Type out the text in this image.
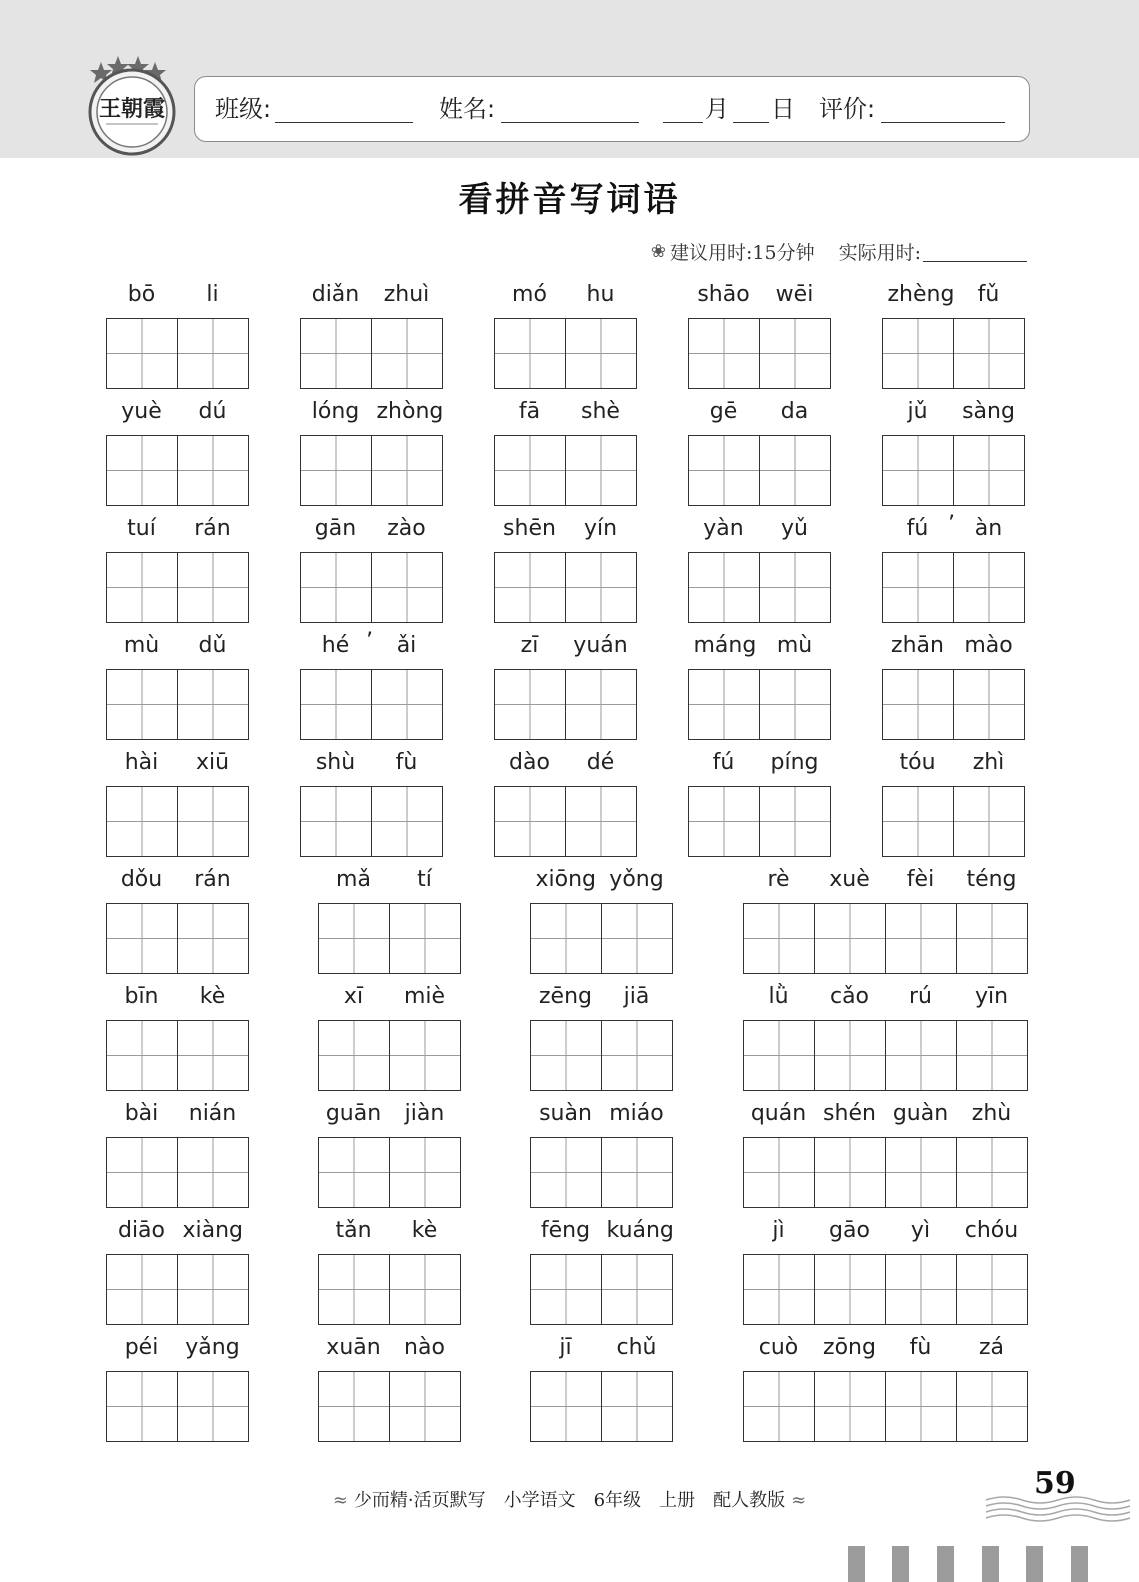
王朝霞 班级:	姓名:	月 日 评价:
看拼音写词语
❀ 建议用时:15分钟 实际用时:
bō	li	diǎn	zhuì	mó	hu	shāo	wēi	zhèng	fǔ
yuè	dú	lóng zhòng	fā	shè	gē	da	jǔ	sàng
tuí	rán	gān	zào	shēn	yín	yàn	yǔ	fú	àn
’
mù	dǔ	hé	ǎi
’	zī	yuán	máng mù	zhān mào
hài	xiū	shù	fù	dào	dé	fú	píng	tóu	zhì
dǒu	rán	mǎ	tí	xiōng yǒng	rè	xuè	fèi	téng
bīn	kè	xī	miè	zēng	jiā	lǜ	cǎo	rú	yīn
bài	nián	guān	jiàn	suàn miáo	quán shén guàn	zhù
diāo xiàng	tǎn	kè	fēng kuáng	jì	gāo	yì	chóu
péi	yǎng	xuān	nào	jī	chǔ	cuò	zōng	fù	zá
≈ 少而精·活页默写　小学语文　6年级　上册　配人教版 ≈	59
